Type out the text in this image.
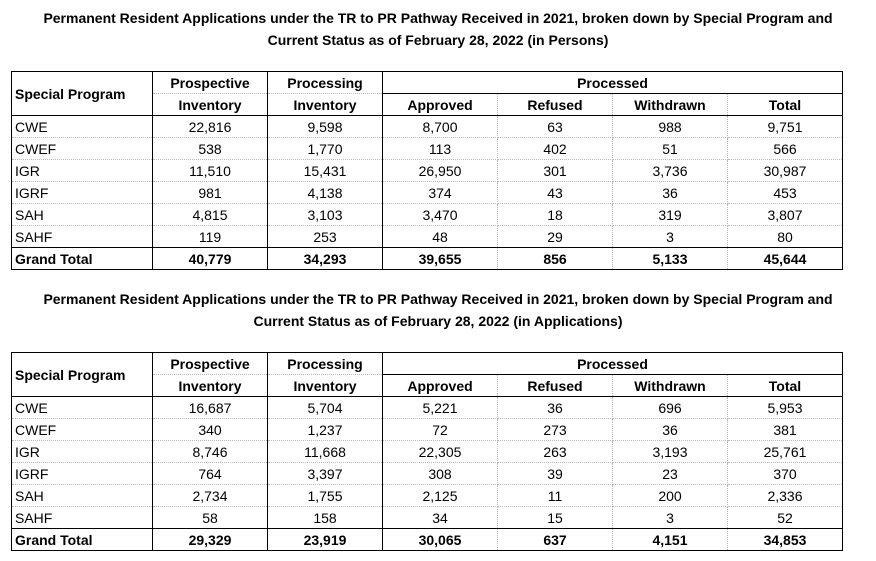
Permanent Resident Applications under the TR to PR Pathway Received in 2021, broken down by Special Program and
Current Status as of February 28, 2022 (in Persons)
Special Program	Prospective	Processing	Processed			
	Inventory	Inventory	Approved	Refused	Withdrawn	Total
CWE	22,816	9,598	8,700	63	988	9,751
CWEF	538	1,770	113	402	51	566
IGR	11,510	15,431	26,950	301	3,736	30,987
IGRF	981	4,138	374	43	36	453
SAH	4,815	3,103	3,470	18	319	3,807
SAHF	119	253	48	29	3	80
Grand Total	40,779	34,293	39,655	856	5,133	45,644
Permanent Resident Applications under the TR to PR Pathway Received in 2021, broken down by Special Program and
Current Status as of February 28, 2022 (in Applications)
Special Program	Prospective	Processing	Processed			
	Inventory	Inventory	Approved	Refused	Withdrawn	Total
CWE	16,687	5,704	5,221	36	696	5,953
CWEF	340	1,237	72	273	36	381
IGR	8,746	11,668	22,305	263	3,193	25,761
IGRF	764	3,397	308	39	23	370
SAH	2,734	1,755	2,125	11	200	2,336
SAHF	58	158	34	15	3	52
Grand Total	29,329	23,919	30,065	637	4,151	34,853
